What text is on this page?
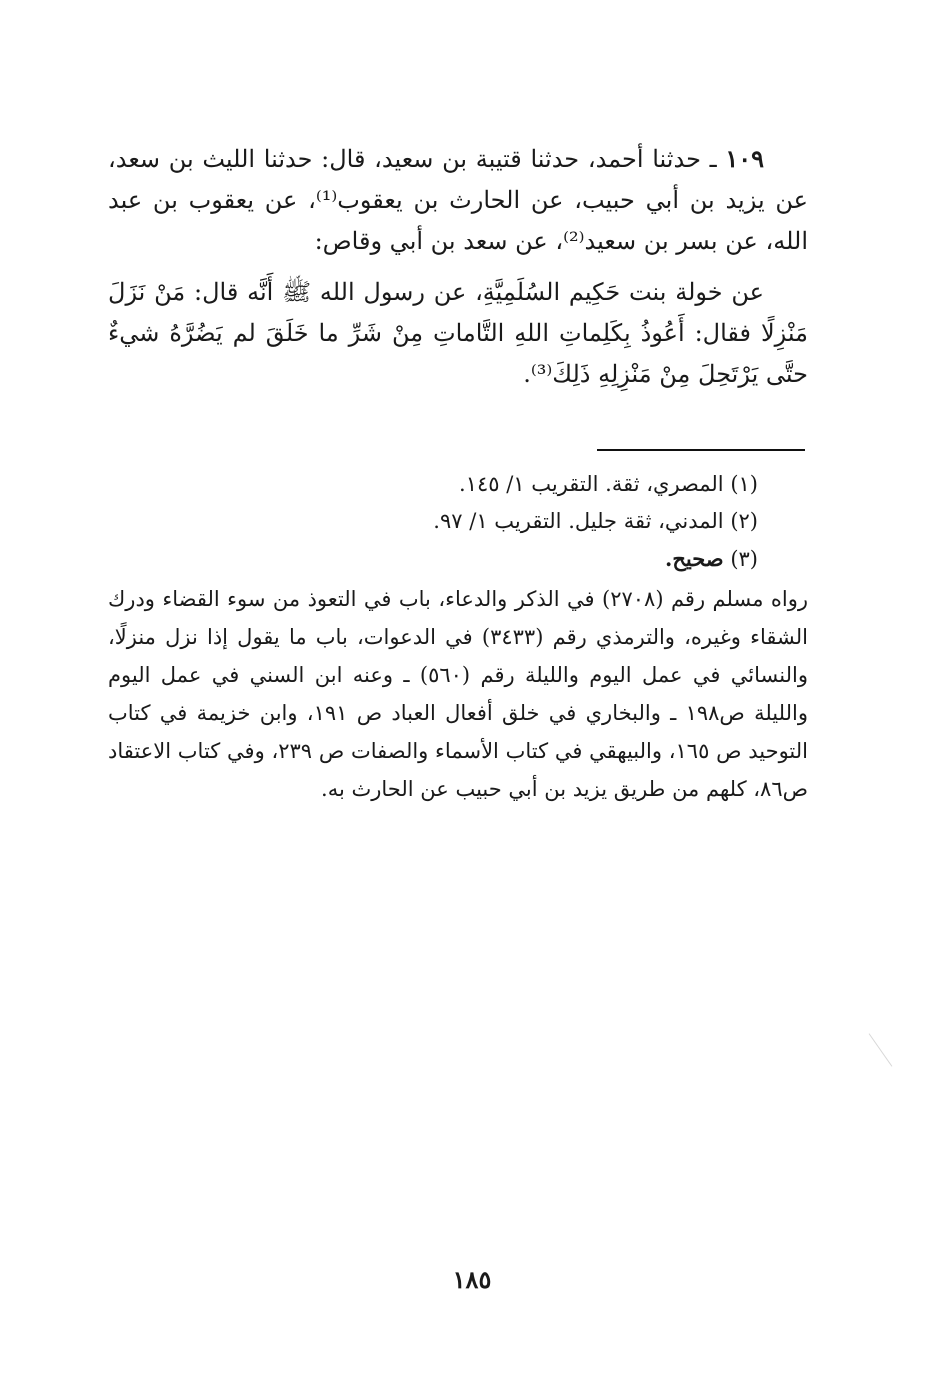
١٠٩ ـ حدثنا أحمد، حدثنا قتيبة بن سعيد، قال: حدثنا الليث بن سعد، عن يزيد بن أبي حبيب، عن الحارث بن يعقوب⁽¹⁾، عن يعقوب بن عبد الله، عن بسر بن سعيد⁽²⁾، عن سعد بن أبي وقاص:

عن خولة بنت حَكِيم السُلَمِيَّةِ، عن رسول الله ﷺ أَنَّه قال: مَنْ نَزَلَ مَنْزِلًا فقال: أَعُوذُ بِكَلِماتِ اللهِ التَّاماتِ مِنْ شَرِّ ما خَلَقَ لم يَضُرَّهُ شيءٌ حتَّى يَرْتَحِلَ مِنْ مَنْزِلِهِ ذَلِكَ⁽³⁾.

(١) المصري، ثقة. التقريب ١/ ١٤٥.

(٢) المدني، ثقة جليل. التقريب ١/ ٩٧.

(٣) صحيح.

رواه مسلم رقم (٢٧٠٨) في الذكر والدعاء، باب في التعوذ من سوء القضاء ودرك الشقاء وغيره، والترمذي رقم (٣٤٣٣) في الدعوات، باب ما يقول إذا نزل منزلًا، والنسائي في عمل اليوم والليلة رقم (٥٦٠) ـ وعنه ابن السني في عمل اليوم والليلة ص١٩٨ ـ والبخاري في خلق أفعال العباد ص ١٩١، وابن خزيمة في كتاب التوحيد ص ١٦٥، والبيهقي في كتاب الأسماء والصفات ص ٢٣٩، وفي كتاب الاعتقاد ص٨٦، كلهم من طريق يزيد بن أبي حبيب عن الحارث به.

١٨٥
